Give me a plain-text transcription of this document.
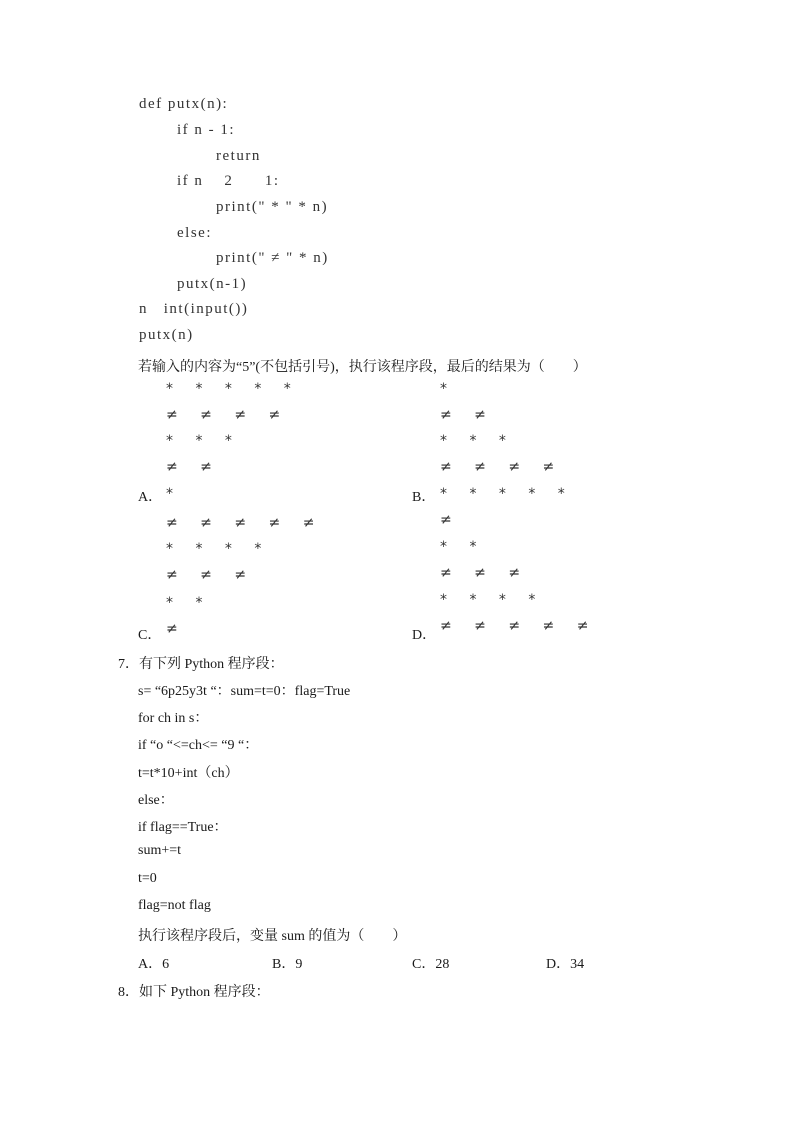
def putx(n):
if n - 1:
return
if n    2      1:
print(" * " * n)
else:
print(" ≠ " * n)
putx(n-1)
n   int(input())
putx(n)
若输入的内容为“5”(不包括引号)，执行该程序段，最后的结果为（　　）
* * * * *
≠ ≠ ≠ ≠
* * *
≠ ≠
A． *
*
≠ ≠
* * *
≠ ≠ ≠ ≠
B． * * * * *
≠ ≠ ≠ ≠ ≠
* * * *
≠ ≠ ≠
* *
C． ≠
≠
* *
≠ ≠ ≠
* * * *
D．
≠ ≠ ≠ ≠ ≠
7．有下列 Python 程序段：
s= “6p25y3t “：sum=t=0：flag=True
for ch in s：
if “o “<=ch<= “9 “：
t=t*10+int（ch）
else：
if flag==True：
sum+=t
t=0
flag=not flag
执行该程序段后，变量 sum 的值为（　　）
A．6	B．9	C．28	D．34
8．如下 Python 程序段：
